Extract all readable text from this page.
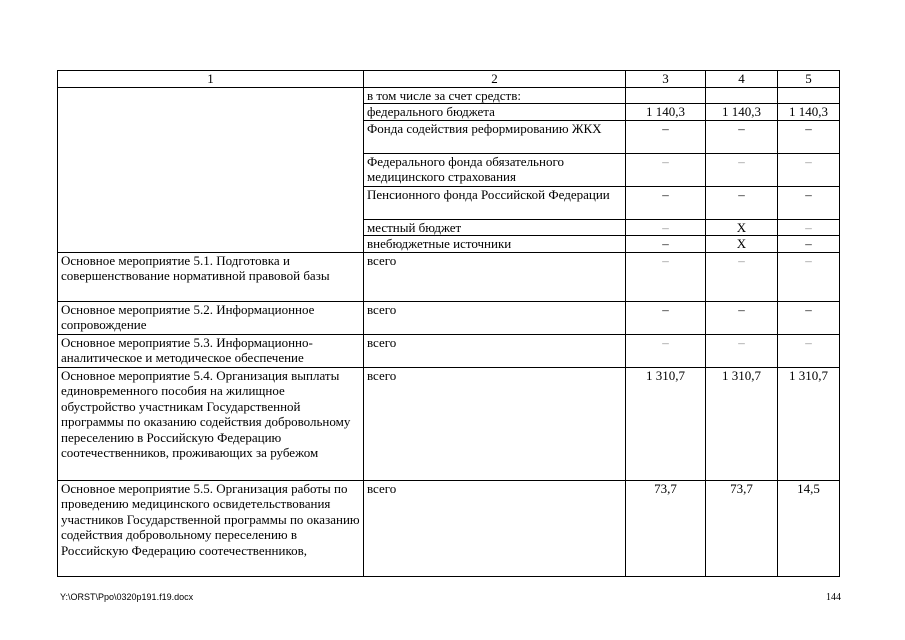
1	2	3	4	5
	в том числе за счет средств:			
	федерального бюджета	1 140,3	1 140,3	1 140,3
	Фонда содействия реформированию ЖКХ	–	–	–
	Федерального фонда обязательного медицинского страхования	–	–	–
	Пенсионного фонда Российской Федерации	–	–	–
	местный бюджет	–	Х	–
	внебюджетные источники	–	Х	–
Основное мероприятие 5.1. Подготовка и совершенствование нормативной правовой базы	всего	–	–	–
Основное мероприятие 5.2. Информационное сопровождение	всего	–	–	–
Основное мероприятие 5.3. Информационно-аналитическое и методическое обеспечение	всего	–	–	–
Основное мероприятие 5.4. Организация выплаты единовременного пособия на жилищное обустройство участникам Государственной программы по оказанию содействия добровольному переселению в Российскую Федерацию соотечественников, проживающих за рубежом	всего	1 310,7	1 310,7	1 310,7
Основное мероприятие 5.5. Организация работы по проведению медицинского освидетельствования участников Государственной программы по оказанию содействия добровольному переселению в Российскую Федерацию соотечественников,	всего	73,7	73,7	14,5
Y:\ORST\Ppo\0320p191.f19.docx	144
